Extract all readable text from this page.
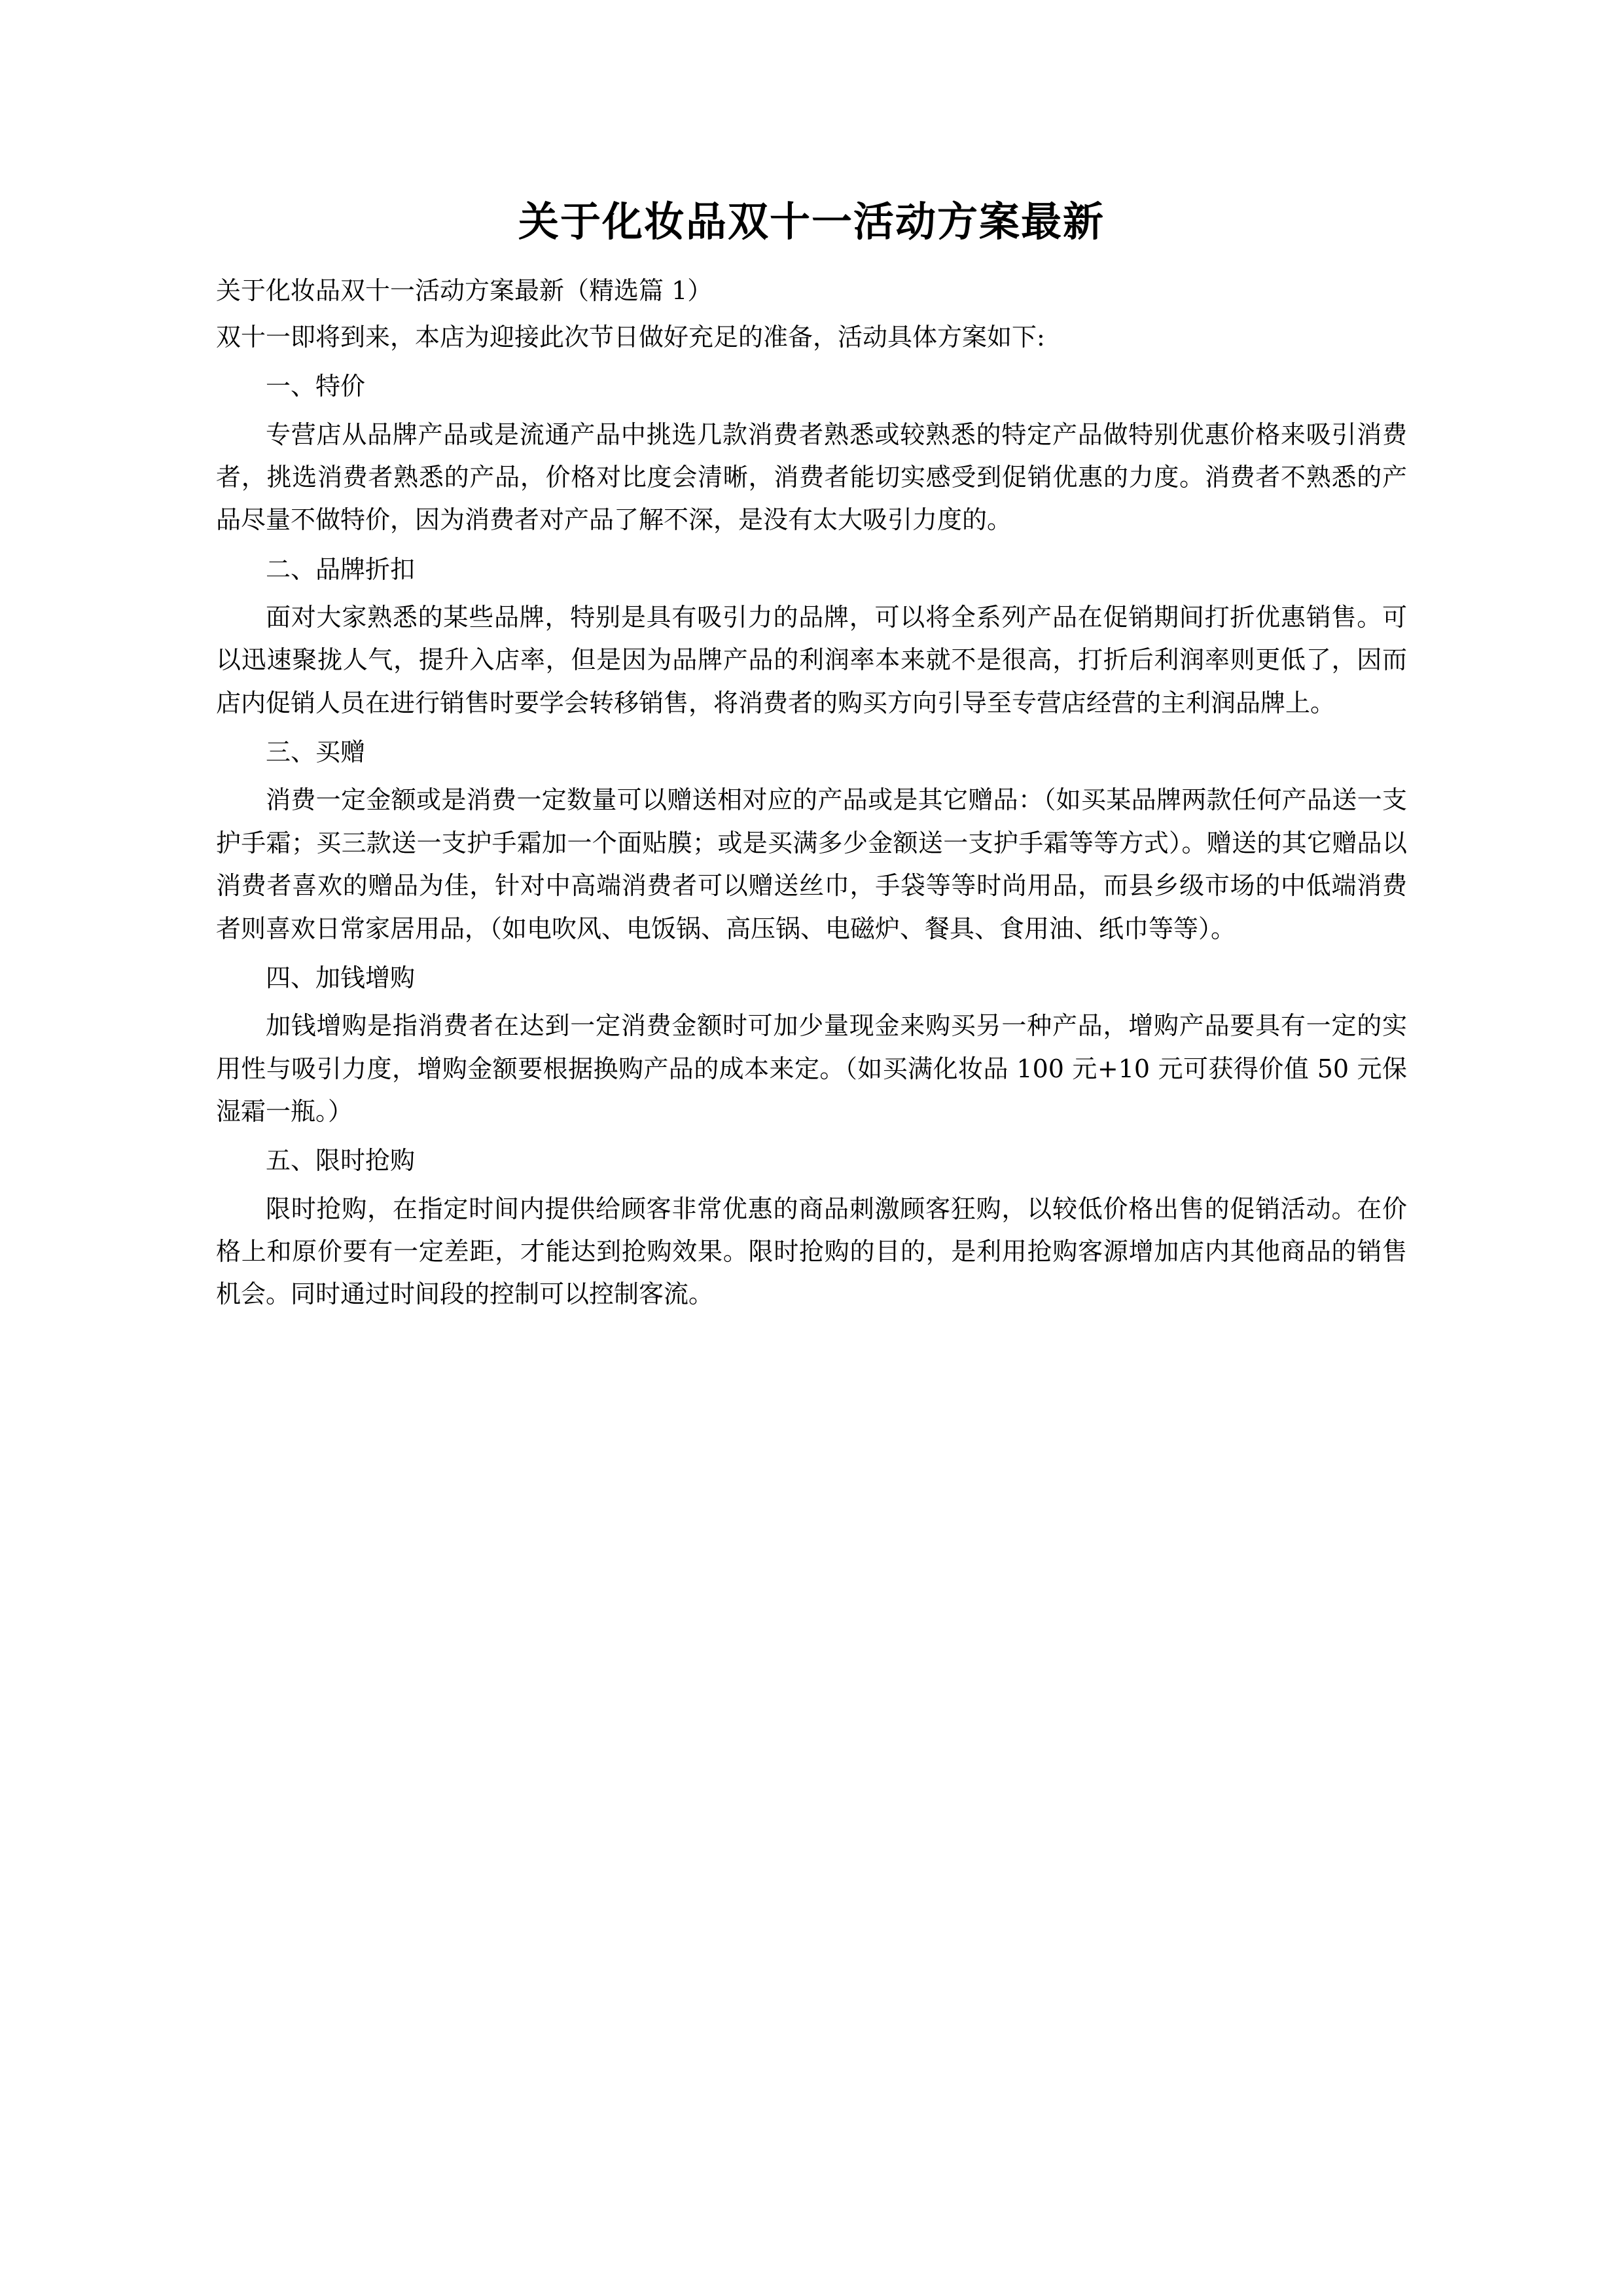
关于化妆品双十一活动方案最新

关于化妆品双十一活动方案最新（精选篇 1）

双十一即将到来，本店为迎接此次节日做好充足的准备，活动具体方案如下:

一、特价

专营店从品牌产品或是流通产品中挑选几款消费者熟悉或较熟悉的特定产品做特别优惠价格来吸引消费者，挑选消费者熟悉的产品，价格对比度会清晰，消费者能切实感受到促销优惠的力度。消费者不熟悉的产品尽量不做特价，因为消费者对产品了解不深，是没有太大吸引力度的。

二、品牌折扣

面对大家熟悉的某些品牌，特别是具有吸引力的品牌，可以将全系列产品在促销期间打折优惠销售。可以迅速聚拢人气，提升入店率，但是因为品牌产品的利润率本来就不是很高，打折后利润率则更低了，因而店内促销人员在进行销售时要学会转移销售，将消费者的购买方向引导至专营店经营的主利润品牌上。

三、买赠

消费一定金额或是消费一定数量可以赠送相对应的产品或是其它赠品：（如买某品牌两款任何产品送一支护手霜；买三款送一支护手霜加一个面贴膜；或是买满多少金额送一支护手霜等等方式）。赠送的其它赠品以消费者喜欢的赠品为佳，针对中高端消费者可以赠送丝巾，手袋等等时尚用品，而县乡级市场的中低端消费者则喜欢日常家居用品，（如电吹风、电饭锅、高压锅、电磁炉、餐具、食用油、纸巾等等）。

四、加钱增购

加钱增购是指消费者在达到一定消费金额时可加少量现金来购买另一种产品，增购产品要具有一定的实用性与吸引力度，增购金额要根据换购产品的成本来定。（如买满化妆品 100 元+10 元可获得价值 50 元保湿霜一瓶。）

五、限时抢购

限时抢购，在指定时间内提供给顾客非常优惠的商品刺激顾客狂购，以较低价格出售的促销活动。在价格上和原价要有一定差距，才能达到抢购效果。限时抢购的目的，是利用抢购客源增加店内其他商品的销售机会。同时通过时间段的控制可以控制客流。
